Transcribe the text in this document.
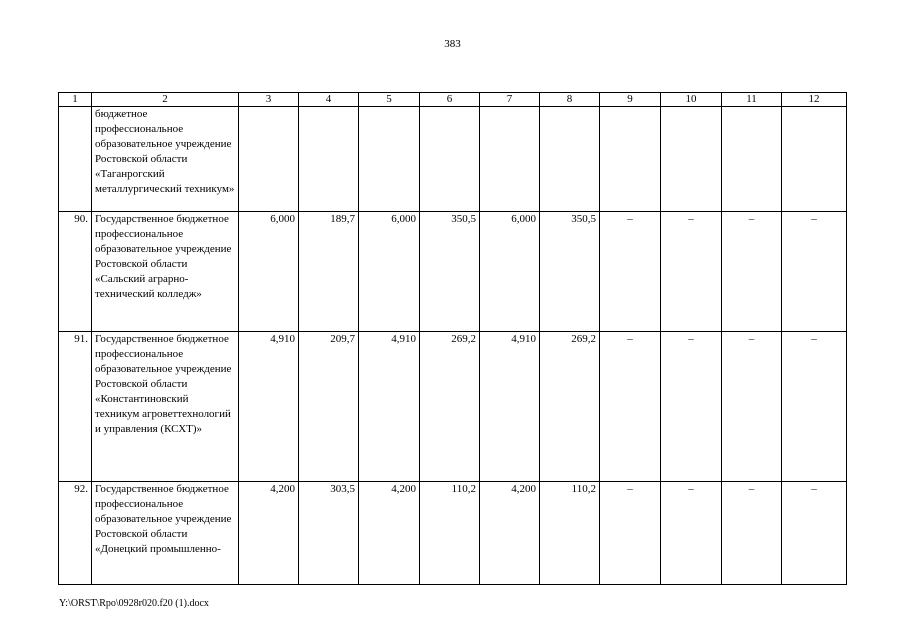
383
1	2	3	4	5	6	7	8	9	10	11	12
	бюджетное профессиональное образовательное учреждение Ростовской области «Таганрогский металлургический техникум»										
90.	Государственное бюджетное профессиональное образовательное учреждение Ростовской области «Сальский аграрно-технический колледж»	6,000	189,7	6,000	350,5	6,000	350,5	–	–	–	–
91.	Государственное бюджетное профессиональное образовательное учреждение Ростовской области «Константиновский техникум агроветтехнологий и управления (КСХТ)»	4,910	209,7	4,910	269,2	4,910	269,2	–	–	–	–
92.	Государственное бюджетное профессиональное образовательное учреждение Ростовской области «Донецкий промышленно-	4,200	303,5	4,200	110,2	4,200	110,2	–	–	–	–
Y:\ORST\Rpo\0928r020.f20 (1).docx
